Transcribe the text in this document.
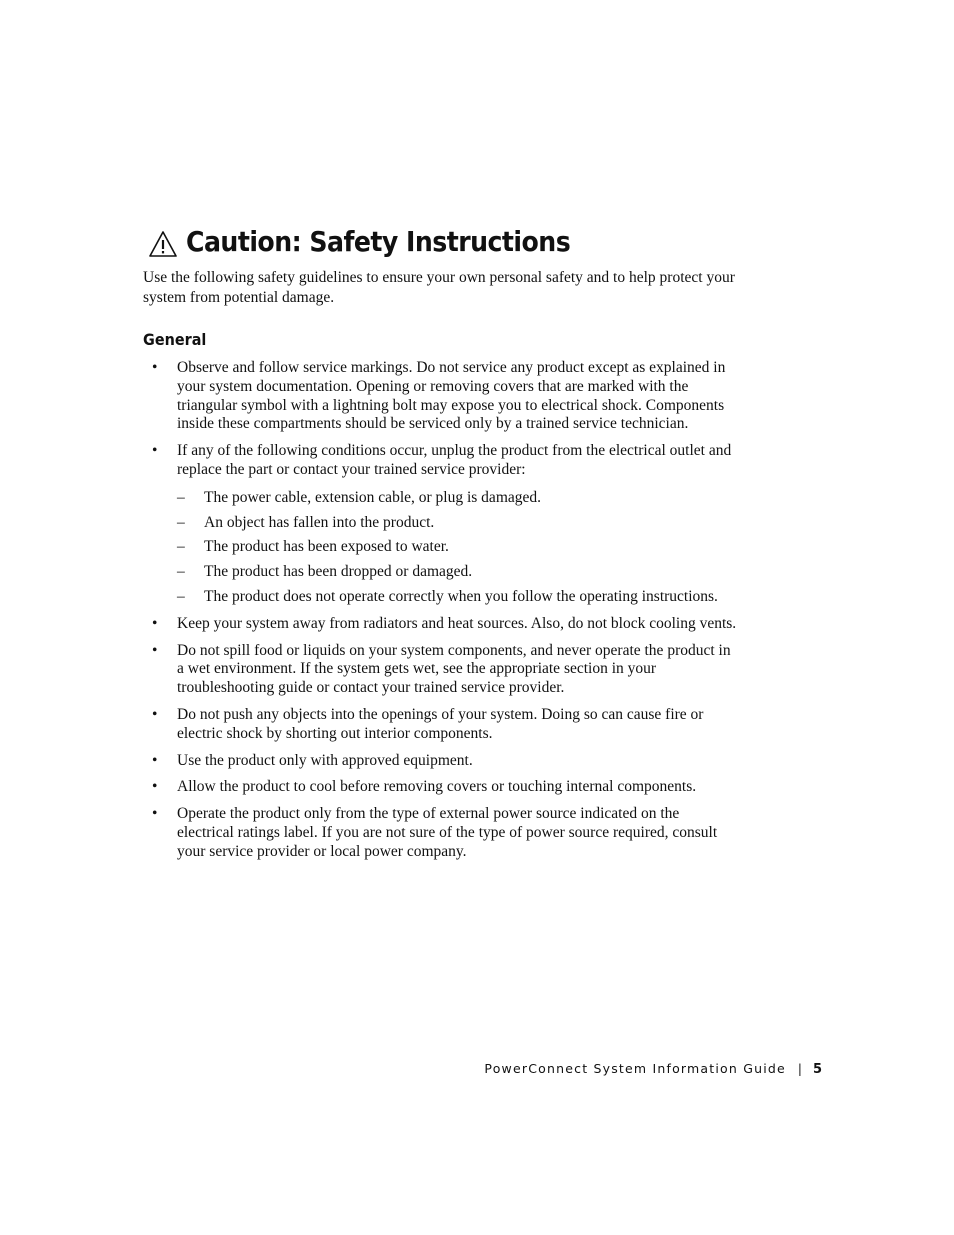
Caution: Safety Instructions

Use the following safety guidelines to ensure your own personal safety and to help protect your system from potential damage.

General
• Observe and follow service markings. Do not service any product except as explained in your system documentation. Opening or removing covers that are marked with the triangular symbol with a lightning bolt may expose you to electrical shock. Components inside these compartments should be serviced only by a trained service technician.
• If any of the following conditions occur, unplug the product from the electrical outlet and replace the part or contact your trained service provider:
– The power cable, extension cable, or plug is damaged.
– An object has fallen into the product.
– The product has been exposed to water.
– The product has been dropped or damaged.
– The product does not operate correctly when you follow the operating instructions.
• Keep your system away from radiators and heat sources. Also, do not block cooling vents.
• Do not spill food or liquids on your system components, and never operate the product in a wet environment. If the system gets wet, see the appropriate section in your troubleshooting guide or contact your trained service provider.
• Do not push any objects into the openings of your system. Doing so can cause fire or electric shock by shorting out interior components.
• Use the product only with approved equipment.
• Allow the product to cool before removing covers or touching internal components.
• Operate the product only from the type of external power source indicated on the electrical ratings label. If you are not sure of the type of power source required, consult your service provider or local power company.
PowerConnect System Information Guide | 5
